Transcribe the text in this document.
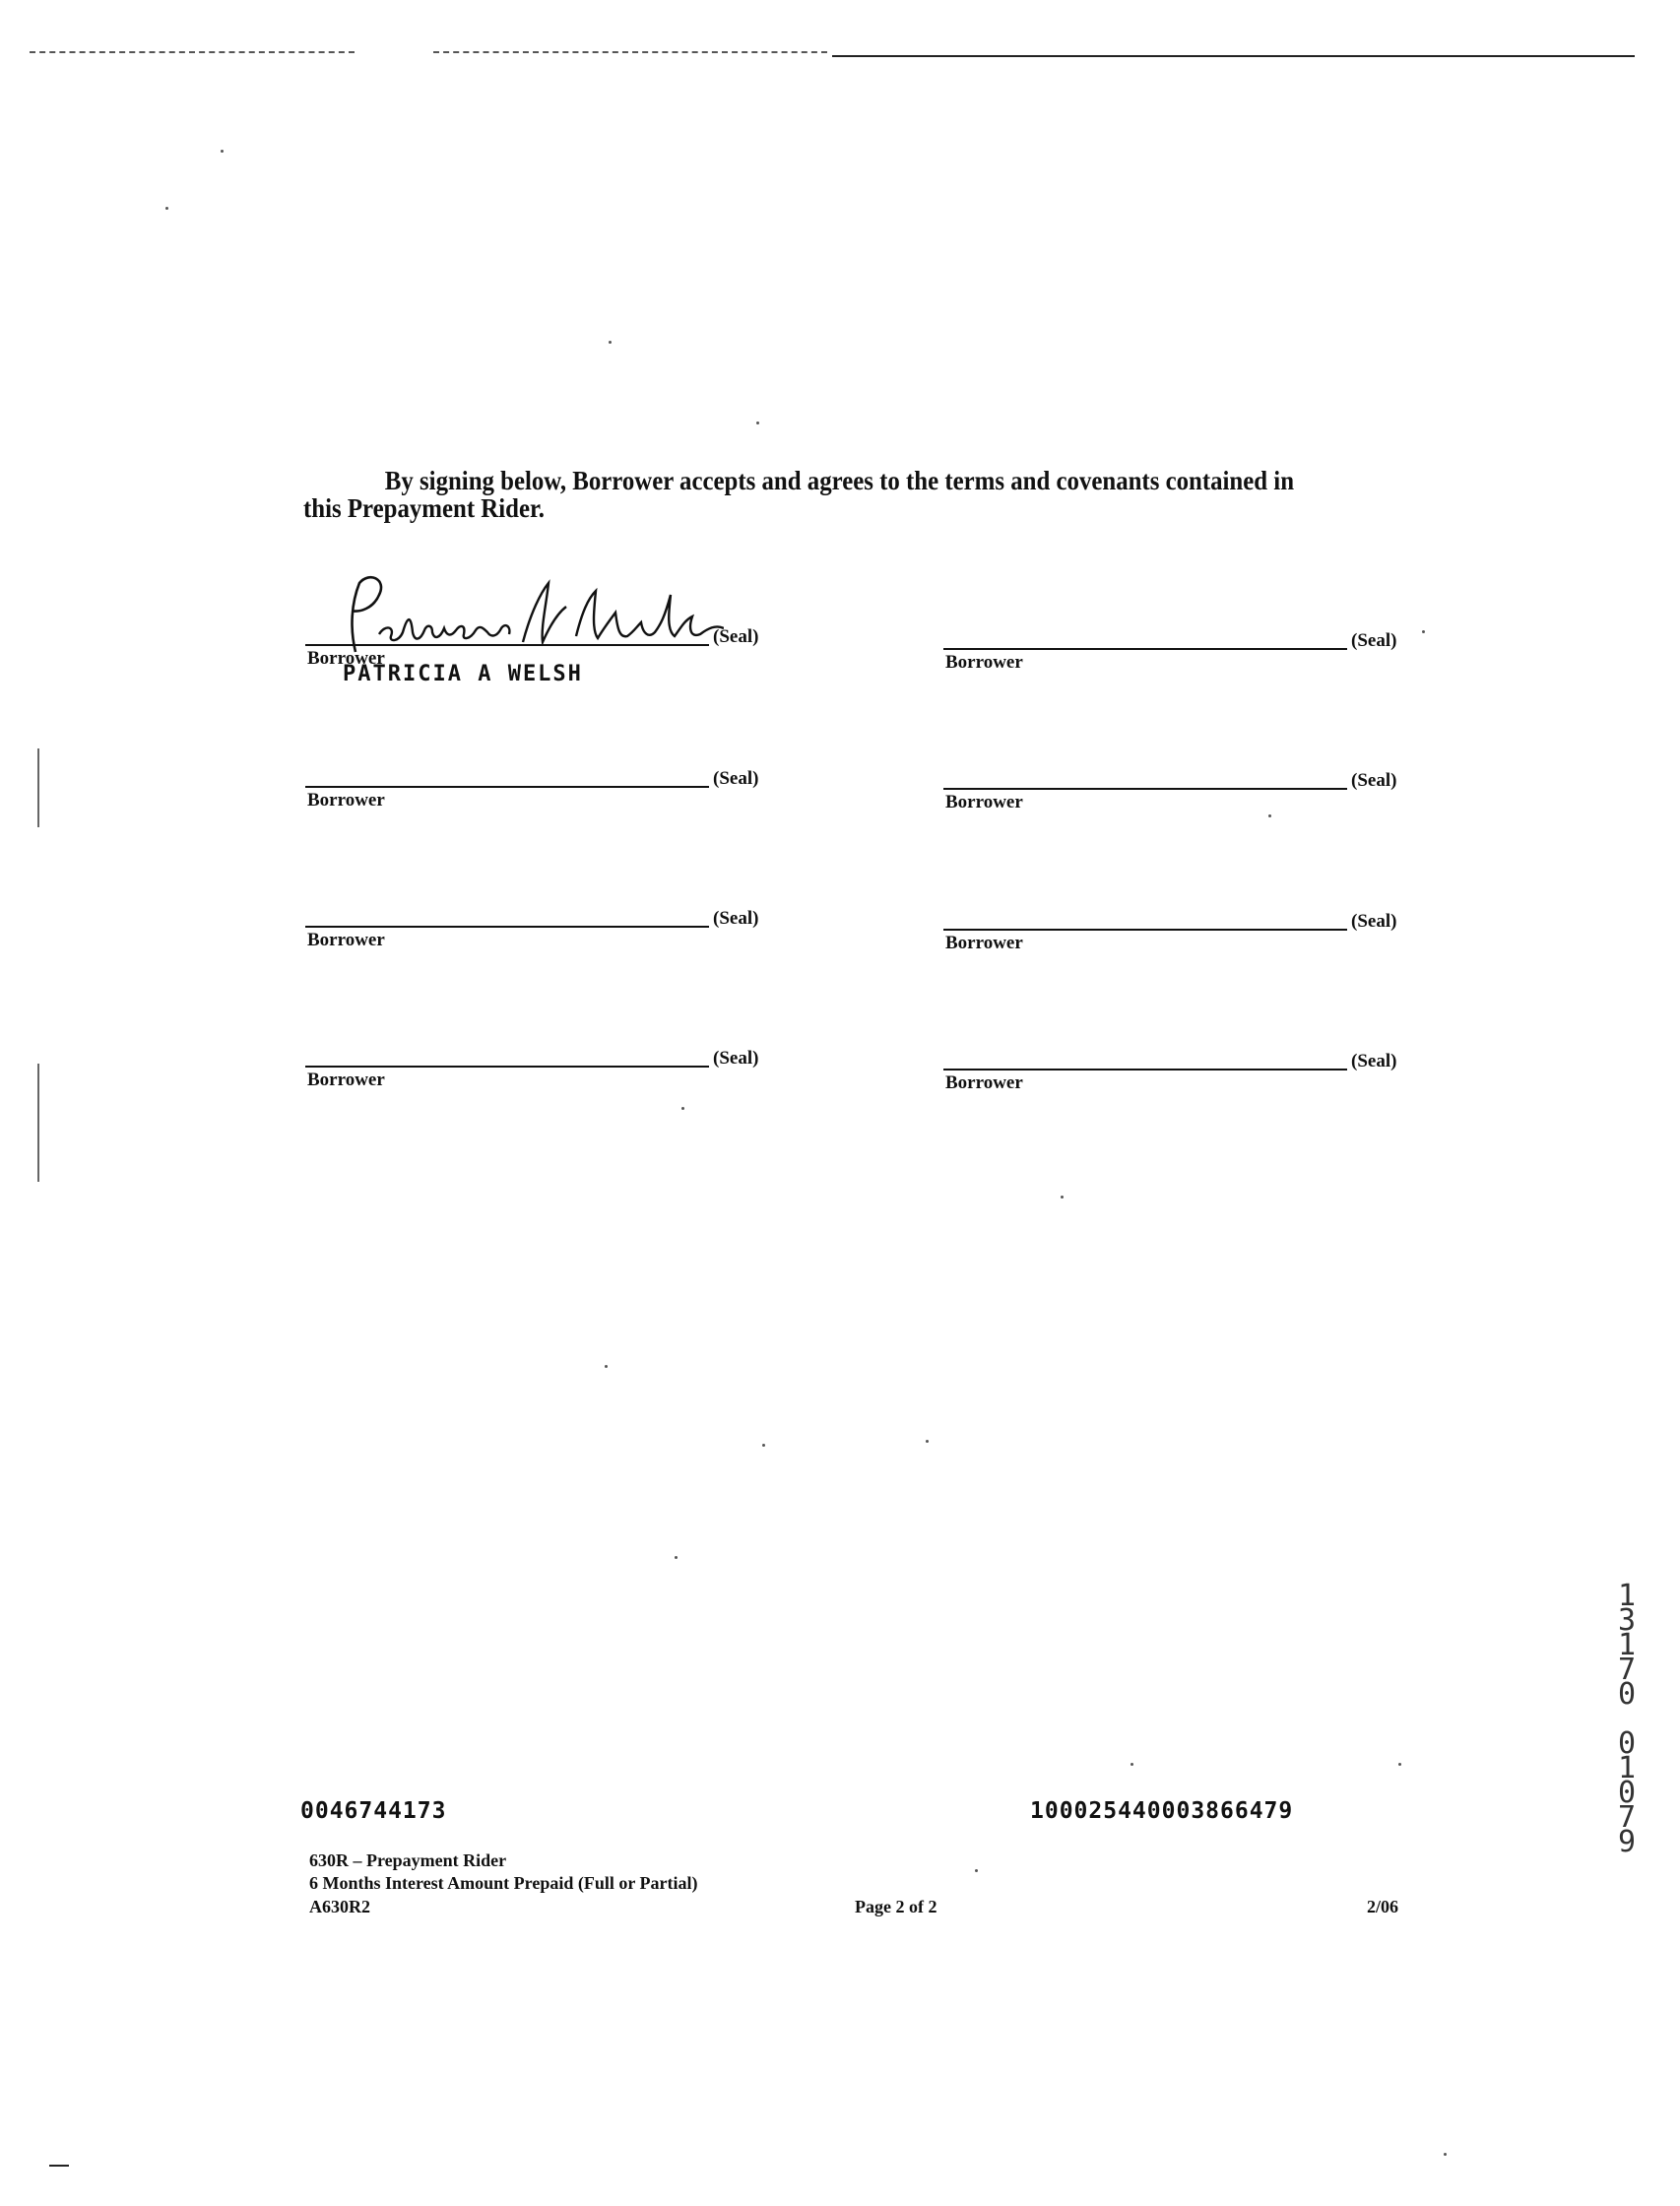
By signing below, Borrower accepts and agrees to the terms and covenants contained in this Prepayment Rider.
(Seal)
Borrower
PATRICIA A WELSH
(Seal)
Borrower
(Seal)
Borrower
(Seal)
Borrower
(Seal)
Borrower
(Seal)
Borrower
(Seal)
Borrower
(Seal)
Borrower
0046744173	100025440003866479
630R – Prepayment Rider
6 Months Interest Amount Prepaid (Full or Partial)
A630R2	Page 2 of 2	2/06
1
3
1
7
0

0
1
0
7
9
